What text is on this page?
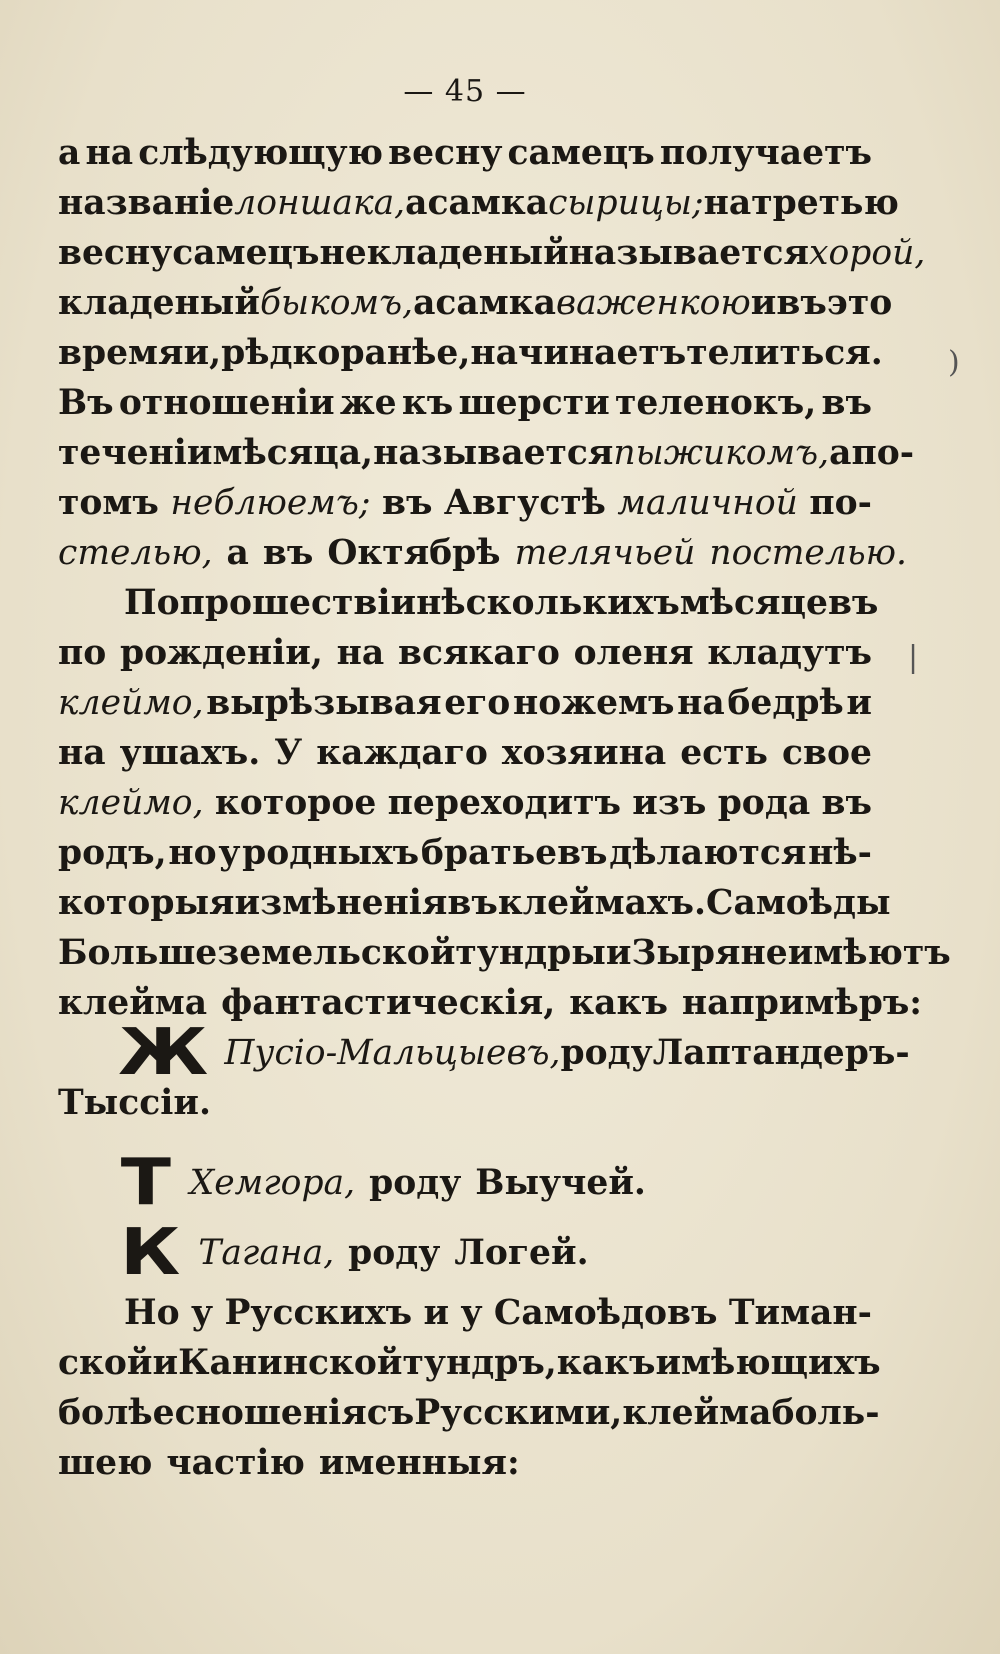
— 45 —
а на слѣдующую весну самецъ получаетъ
названіе лоншака, а самка сырицы; на третью
весну самецъ некладеный называется хорой,
кладеный быкомъ, а самка важенкою и въ это
время и, рѣдко ранѣе, начинаетъ телиться.
Въ отношеніи же къ шерсти теленокъ, въ
теченіи мѣсяца, называется пыжикомъ, а по-
томъ неблюемъ; въ Августѣ маличной по-
стелью, а въ Октябрѣ телячьей постелью.
По прошествіи нѣсколькихъ мѣсяцевъ
по рожденіи, на всякаго оленя кладутъ
клеймо, вырѣзывая его ножемъ на бедрѣ и
на ушахъ. У каждаго хозяина есть свое
клеймо, которое переходитъ изъ рода въ
родъ, но у родныхъ братьевъ дѣлаются нѣ-
которыя измѣненія въ клеймахъ. Самоѣды
Большеземельской тундры и Зыряне имѣютъ
клейма фантастическія, какъ напримѣръ:
Ж Пусіо-Мальцыевъ, роду Лаптандеръ-
Тыссіи.
Т Хемгора, роду Выучей.
К Тагана, роду Логей.
Но у Русскихъ и у Самоѣдовъ Тиман-
ской и Канинской тундръ, какъ имѣющихъ
болѣе сношенія съ Русскими, клейма боль-
шею частію именныя:
)
|
